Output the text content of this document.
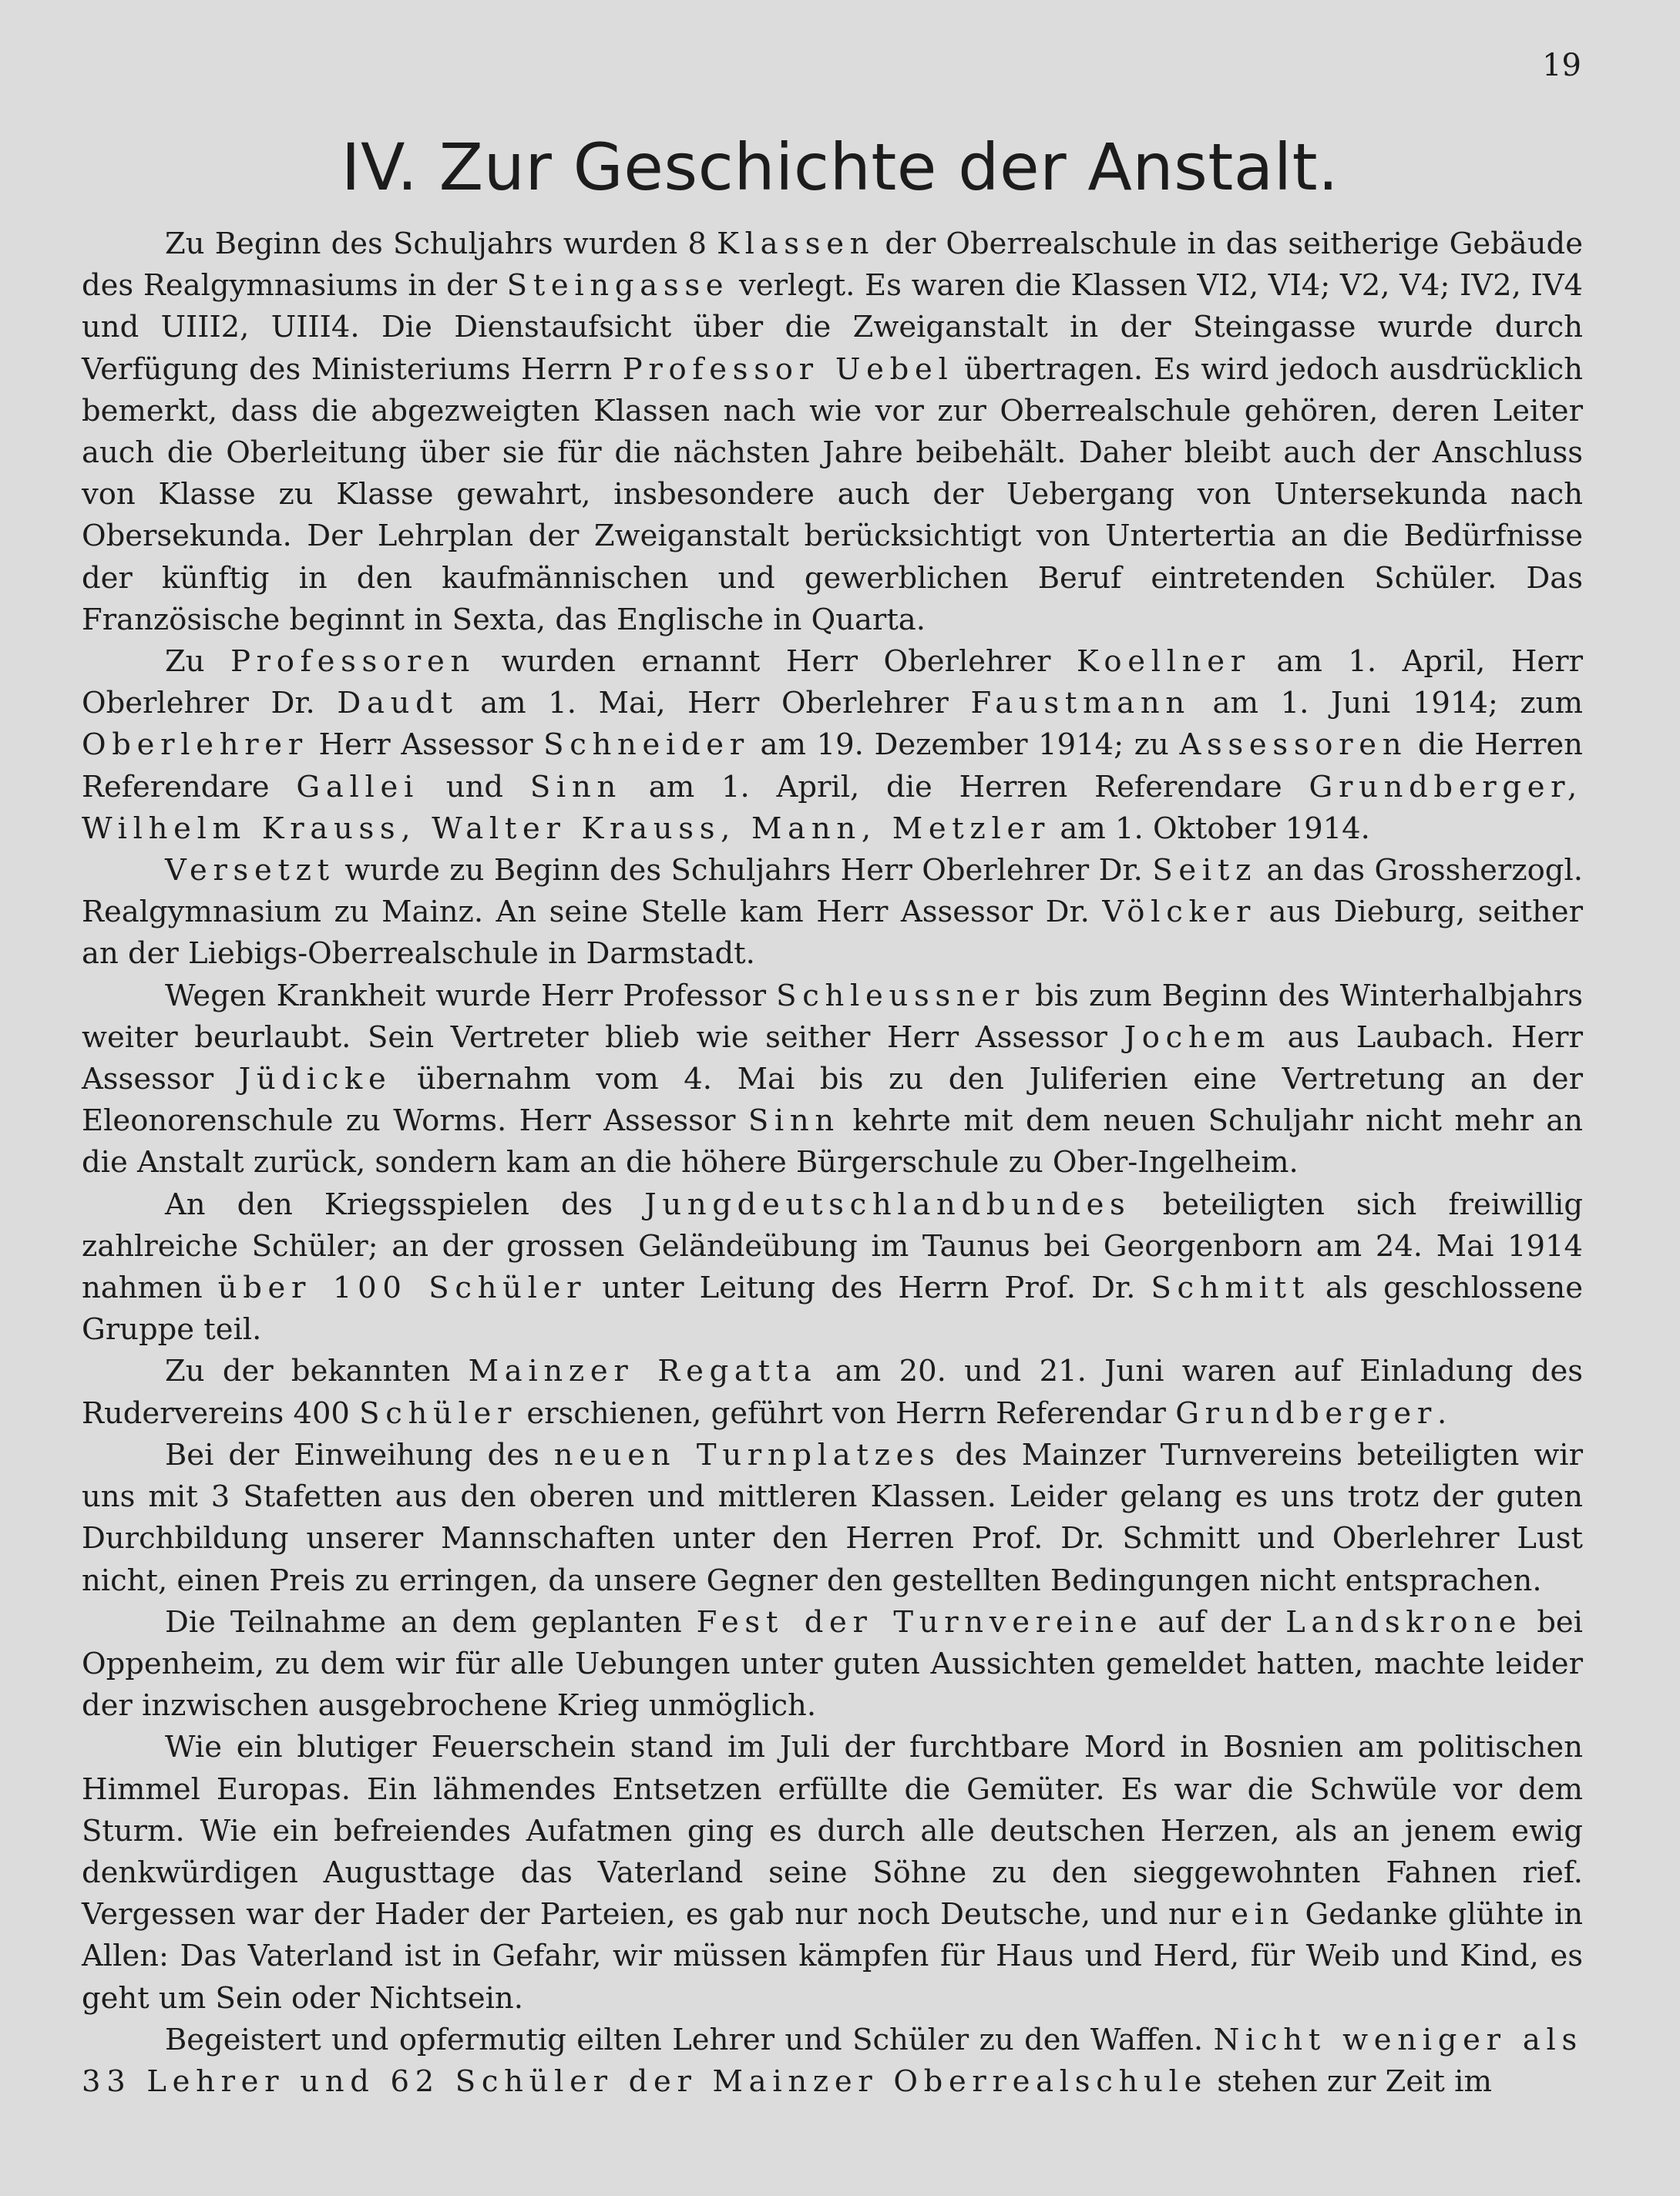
19
IV. Zur Geschichte der Anstalt.

Zu Beginn des Schuljahrs wurden 8 Klassen der Oberrealschule in das seitherige Gebäude des Realgymnasiums in der Steingasse verlegt. Es waren die Klassen VI2, VI4; V2, V4; IV2, IV4 und UIII2, UIII4. Die Dienstaufsicht über die Zweiganstalt in der Steingasse wurde durch Verfügung des Ministeriums Herrn Professor Uebel übertragen. Es wird jedoch ausdrücklich bemerkt, dass die abgezweigten Klassen nach wie vor zur Oberrealschule gehören, deren Leiter auch die Oberleitung über sie für die nächsten Jahre beibehält. Daher bleibt auch der Anschluss von Klasse zu Klasse gewahrt, insbesondere auch der Uebergang von Untersekunda nach Obersekunda. Der Lehrplan der Zweiganstalt berücksichtigt von Untertertia an die Bedürfnisse der künftig in den kaufmännischen und gewerblichen Beruf eintretenden Schüler. Das Französische beginnt in Sexta, das Englische in Quarta.

Zu Professoren wurden ernannt Herr Oberlehrer Koellner am 1. April, Herr Oberlehrer Dr. Daudt am 1. Mai, Herr Oberlehrer Faustmann am 1. Juni 1914; zum Oberlehrer Herr Assessor Schneider am 19. Dezember 1914; zu Assessoren die Herren Referendare Gallei und Sinn am 1. April, die Herren Referendare Grundberger, Wilhelm Krauss, Walter Krauss, Mann, Metzler am 1. Oktober 1914.

Versetzt wurde zu Beginn des Schuljahrs Herr Oberlehrer Dr. Seitz an das Grossherzogl. Realgymnasium zu Mainz. An seine Stelle kam Herr Assessor Dr. Völcker aus Dieburg, seither an der Liebigs-Oberrealschule in Darmstadt.

Wegen Krankheit wurde Herr Professor Schleussner bis zum Beginn des Winterhalbjahrs weiter beurlaubt. Sein Vertreter blieb wie seither Herr Assessor Jochem aus Laubach. Herr Assessor Jüdicke übernahm vom 4. Mai bis zu den Juliferien eine Vertretung an der Eleonorenschule zu Worms. Herr Assessor Sinn kehrte mit dem neuen Schuljahr nicht mehr an die Anstalt zurück, sondern kam an die höhere Bürgerschule zu Ober-Ingelheim.

An den Kriegsspielen des Jungdeutschlandbundes beteiligten sich freiwillig zahlreiche Schüler; an der grossen Geländeübung im Taunus bei Georgenborn am 24. Mai 1914 nahmen über 100 Schüler unter Leitung des Herrn Prof. Dr. Schmitt als geschlossene Gruppe teil.

Zu der bekannten Mainzer Regatta am 20. und 21. Juni waren auf Einladung des Rudervereins 400 Schüler erschienen, geführt von Herrn Referendar Grundberger.

Bei der Einweihung des neuen Turnplatzes des Mainzer Turnvereins beteiligten wir uns mit 3 Stafetten aus den oberen und mittleren Klassen. Leider gelang es uns trotz der guten Durchbildung unserer Mannschaften unter den Herren Prof. Dr. Schmitt und Oberlehrer Lust nicht, einen Preis zu erringen, da unsere Gegner den gestellten Bedingungen nicht entsprachen.

Die Teilnahme an dem geplanten Fest der Turnvereine auf der Landskrone bei Oppenheim, zu dem wir für alle Uebungen unter guten Aussichten gemeldet hatten, machte leider der inzwischen ausgebrochene Krieg unmöglich.

Wie ein blutiger Feuerschein stand im Juli der furchtbare Mord in Bosnien am politischen Himmel Europas. Ein lähmendes Entsetzen erfüllte die Gemüter. Es war die Schwüle vor dem Sturm. Wie ein befreiendes Aufatmen ging es durch alle deutschen Herzen, als an jenem ewig denkwürdigen Augusttage das Vaterland seine Söhne zu den sieggewohnten Fahnen rief. Vergessen war der Hader der Parteien, es gab nur noch Deutsche, und nur ein Gedanke glühte in Allen: Das Vaterland ist in Gefahr, wir müssen kämpfen für Haus und Herd, für Weib und Kind, es geht um Sein oder Nichtsein.

Begeistert und opfermutig eilten Lehrer und Schüler zu den Waffen. Nicht weniger als 33 Lehrer und 62 Schüler der Mainzer Oberrealschule stehen zur Zeit im
